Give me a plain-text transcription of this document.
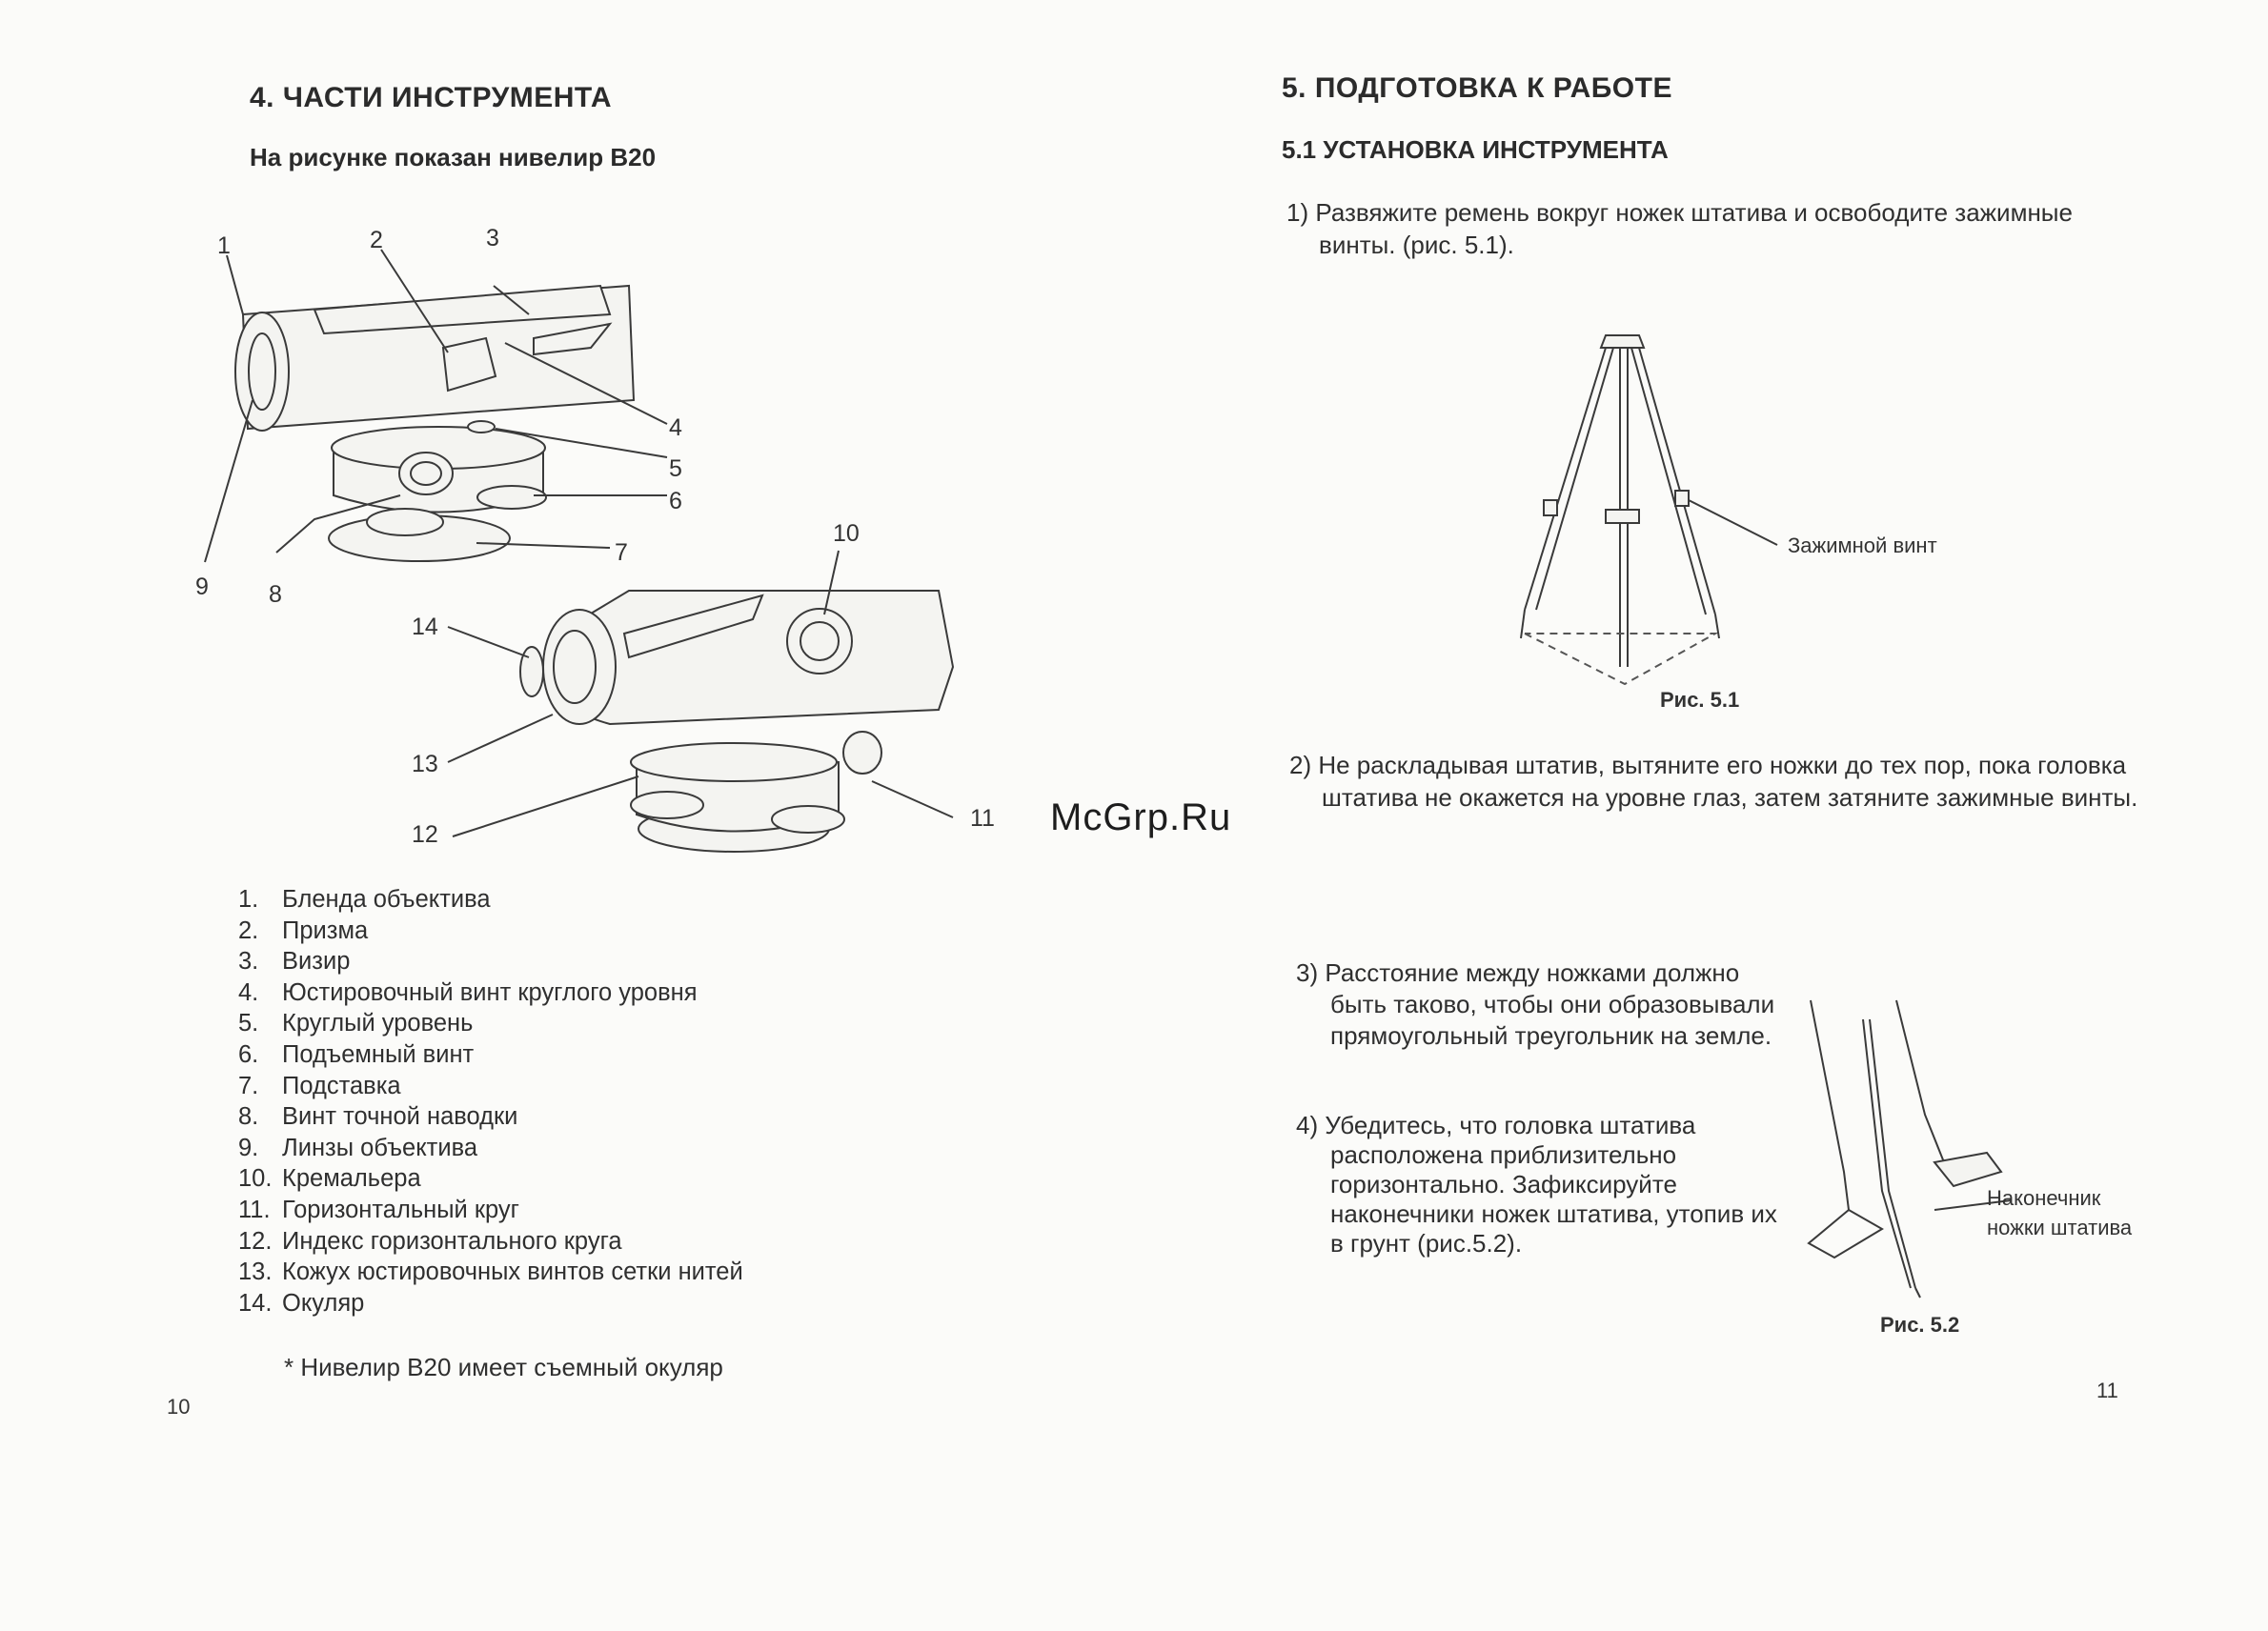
4. ЧАСТИ ИНСТРУМЕНТА
На рисунке показан нивелир B20
1	2	3
4
5
6
7
8
9
10
11
12
13
14
1. Бленда объектива
2. Призма
3. Визир
4. Юстировочный винт круглого уровня
5. Круглый уровень
6. Подъемный винт
7. Подставка
8. Винт точной наводки
9. Линзы объектива
10. Кремальера
11. Горизонтальный круг
12. Индекс горизонтального круга
13. Кожух юстировочных винтов сетки нитей
14. Окуляр
* Нивелир B20 имеет съемный окуляр
10
5. ПОДГОТОВКА К РАБОТЕ
5.1 УСТАНОВКА ИНСТРУМЕНТА
1) Развяжите ремень вокруг ножек штатива и освободите зажимные винты. (рис. 5.1).
Зажимной винт
Рис. 5.1
2) Не раскладывая штатив, вытяните его ножки до тех пор, пока головка штатива не окажется на уровне глаз, затем затяните зажимные винты.
3) Расстояние между ножками должно быть таково, чтобы они образовывали прямоугольный треугольник на земле.
4) Убедитесь, что головка штатива расположена приблизительно горизонтально. Зафиксируйте наконечники ножек штатива, утопив их в грунт (рис.5.2).
Наконечник
ножки штатива
Рис. 5.2
11
McGrp.Ru
